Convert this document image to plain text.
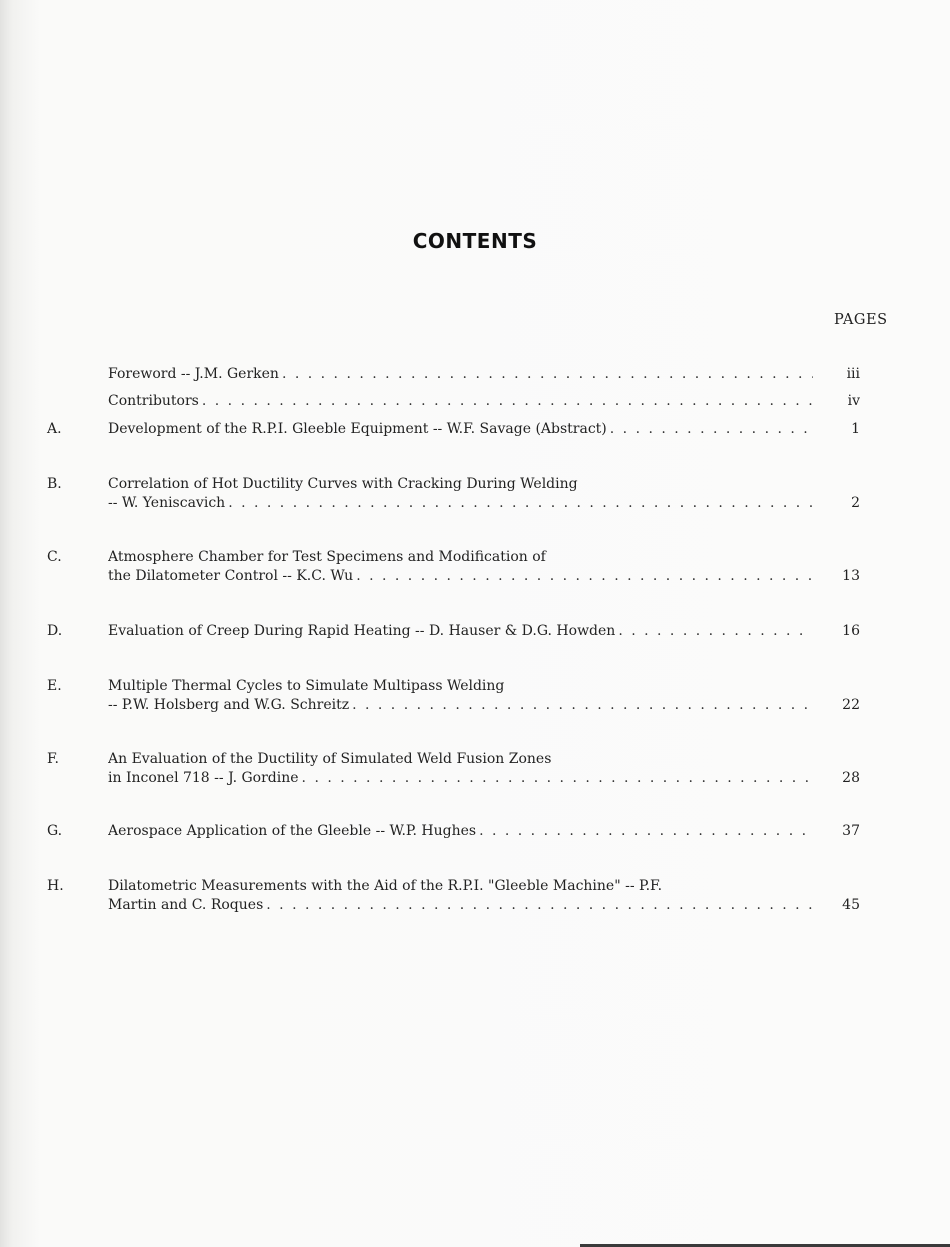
CONTENTS
PAGES
Foreword -- J.M. Gerken . . .	iii
Contributors . . .	iv
A.	Development of the R.P.I. Gleeble Equipment -- W.F. Savage (Abstract) . . .	1
B.	Correlation of Hot Ductility Curves with Cracking During Welding
-- W. Yeniscavich . . .	2
C.	Atmosphere Chamber for Test Specimens and Modification of
the Dilatometer Control -- K.C. Wu . . .	13
D.	Evaluation of Creep During Rapid Heating -- D. Hauser & D.G. Howden . . .	16
E.	Multiple Thermal Cycles to Simulate Multipass Welding
-- P.W. Holsberg and W.G. Schreitz . . .	22
F.	An Evaluation of the Ductility of Simulated Weld Fusion Zones
in Inconel 718 -- J. Gordine . . .	28
G.	Aerospace Application of the Gleeble -- W.P. Hughes . . .	37
H.	Dilatometric Measurements with the Aid of the R.P.I. "Gleeble Machine" -- P.F.
Martin and C. Roques . . .	45
